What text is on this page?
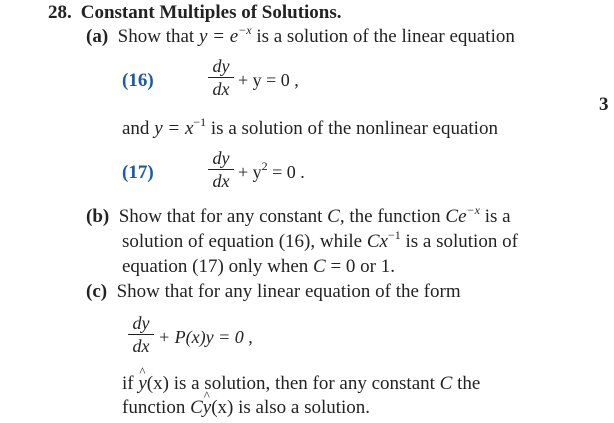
28. Constant Multiples of Solutions.
(a) Show that $y = e^{-x}$ is a solution of the linear equation
(16)
dy
dx + y = 0 ,
3
and $y = x^{-1}$ is a solution of the nonlinear equation
(17)
dy
dx + $y^2 = 0$ .
(b) Show that for any constant C, the function $Ce^{-x}$ is a
solution of equation (16), while $Cx^{-1}$ is a solution of
equation (17) only when C = 0 or 1.
(c) Show that for any linear equation of the form
dy
dx + P(x)y = 0 ,
if ^ y(x) is a solution, then for any constant C the
function C^ y(x) is also a solution.
